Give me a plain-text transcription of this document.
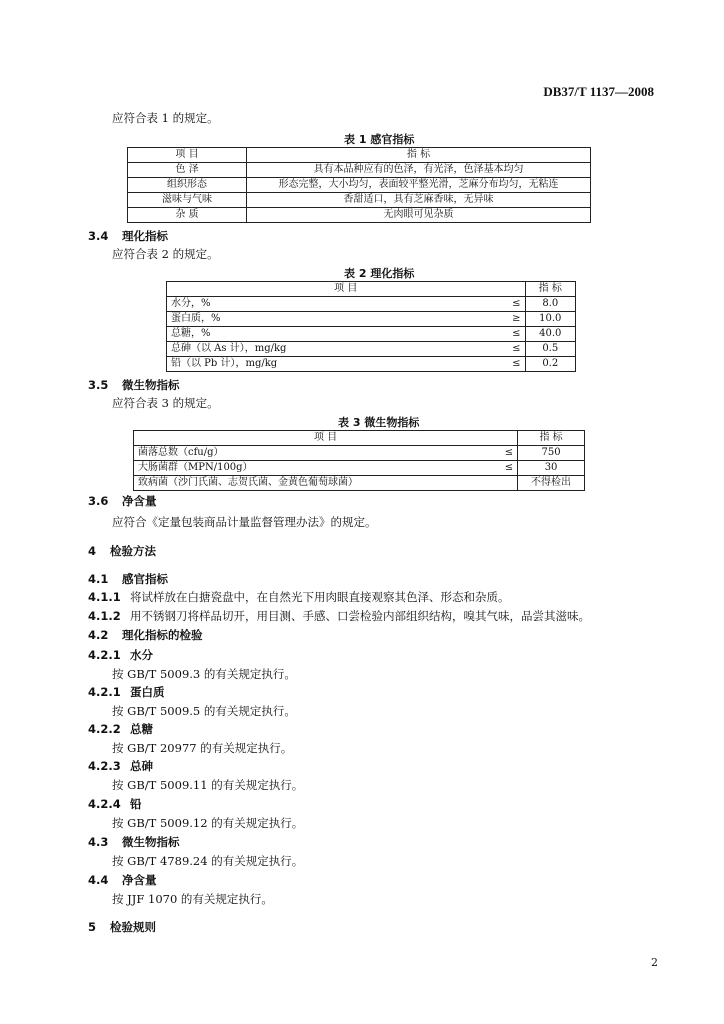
DB37/T 1137—2008
应符合表 1 的规定。
表 1 感官指标
项 目	指 标
色 泽	具有本品种应有的色泽，有光泽，色泽基本均匀
组织形态	形态完整，大小均匀，表面较平整光滑，芝麻分布均匀，无粘连
滋味与气味	香甜适口，具有芝麻香味，无异味
杂 质	无肉眼可见杂质
3.4 理化指标
应符合表 2 的规定。
表 2 理化指标
项 目		指 标
水分，%	≤	8.0
蛋白质，%	≥	10.0
总糖，%	≤	40.0
总砷（以 As 计），mg/kg	≤	0.5
铅（以 Pb 计），mg/kg	≤	0.2
3.5 微生物指标
应符合表 3 的规定。
表 3 微生物指标
项 目		指 标
菌落总数（cfu/g）	≤	750
大肠菌群（MPN/100g）	≤	30
致病菌（沙门氏菌、志贺氏菌、金黄色葡萄球菌）		不得检出
3.6 净含量
应符合《定量包装商品计量监督管理办法》的规定。
4 检验方法
4.1 感官指标
4.1.1 将试样放在白搪瓷盘中，在自然光下用肉眼直接观察其色泽、形态和杂质。
4.1.2 用不锈钢刀将样品切开，用目测、手感、口尝检验内部组织结构，嗅其气味，品尝其滋味。
4.2 理化指标的检验
4.2.1 水分
按 GB/T 5009.3 的有关规定执行。
4.2.1 蛋白质
按 GB/T 5009.5 的有关规定执行。
4.2.2 总糖
按 GB/T 20977 的有关规定执行。
4.2.3 总砷
按 GB/T 5009.11 的有关规定执行。
4.2.4 铅
按 GB/T 5009.12 的有关规定执行。
4.3 微生物指标
按 GB/T 4789.24 的有关规定执行。
4.4 净含量
按 JJF 1070 的有关规定执行。
5 检验规则
2
